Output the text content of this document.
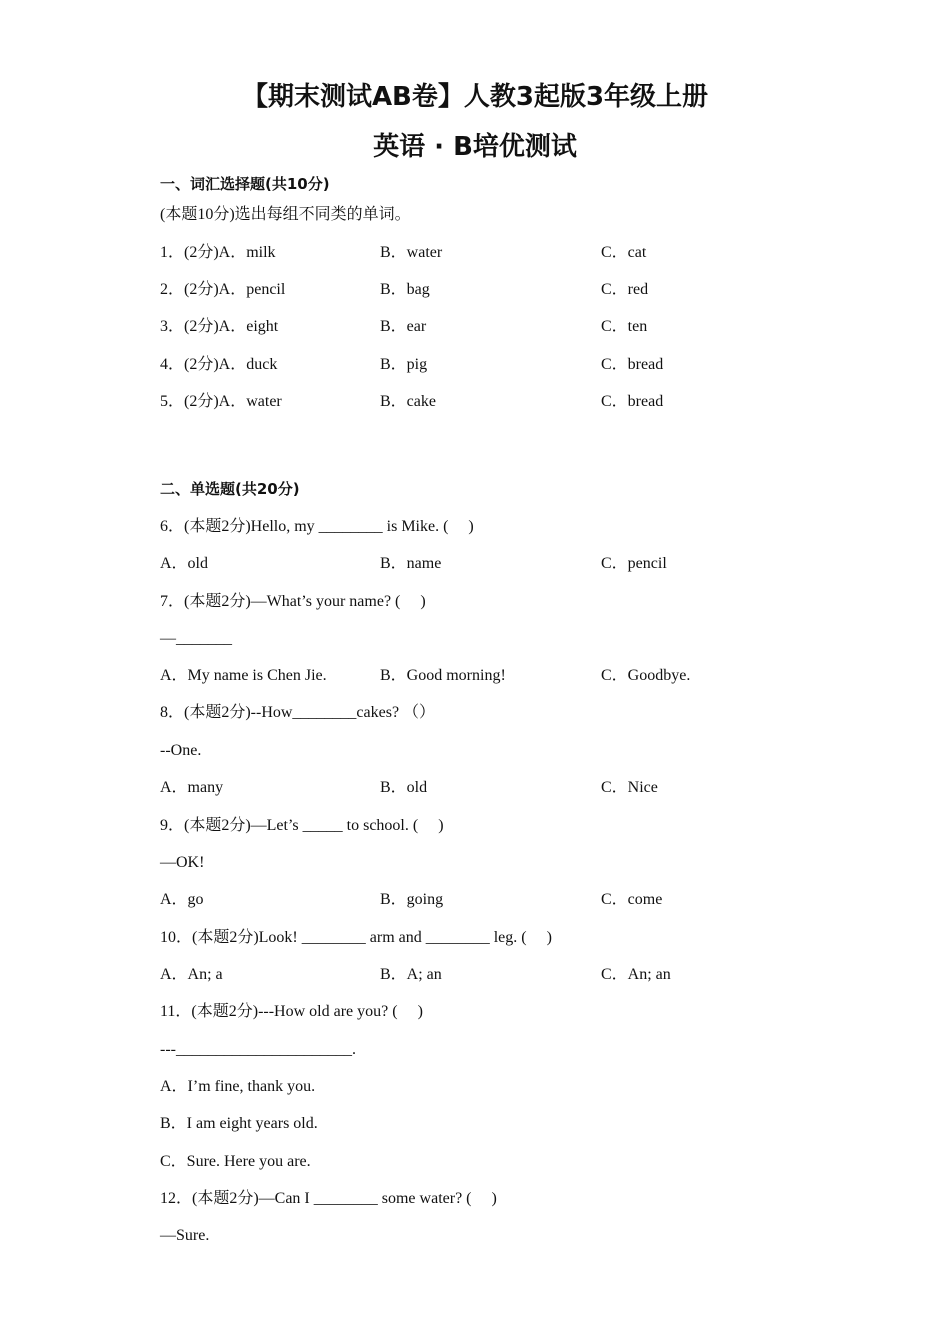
【期末测试AB卷】人教3起版3年级上册
英语 · B培优测试
一、词汇选择题(共10分)
(本题10分)选出每组不同类的单词。
1．(2分)A．milk	B．water	C．cat
2．(2分)A．pencil	B．bag	C．red
3．(2分)A．eight	B．ear	C．ten
4．(2分)A．duck	B．pig	C．bread
5．(2分)A．water	B．cake	C．bread
二、单选题(共20分)
6．(本题2分)Hello, my ________ is Mike. (     )
A．old	B．name	C．pencil
7．(本题2分)—What’s your name? (     )
—_______
A．My name is Chen Jie.	B．Good morning!	C．Goodbye.
8．(本题2分)--How________cakes? （）
--One.
A．many	B．old	C．Nice
9．(本题2分)—Let’s _____ to school. (     )
—OK!
A．go	B．going	C．come
10．(本题2分)Look! ________ arm and ________ leg. (     )
A．An; a	B．A; an	C．An; an
11．(本题2分)---How old are you? (     )
---______________________.
A．I’m fine, thank you.
B．I am eight years old.
C．Sure. Here you are.
12．(本题2分)—Can I ________ some water? (     )
—Sure.
